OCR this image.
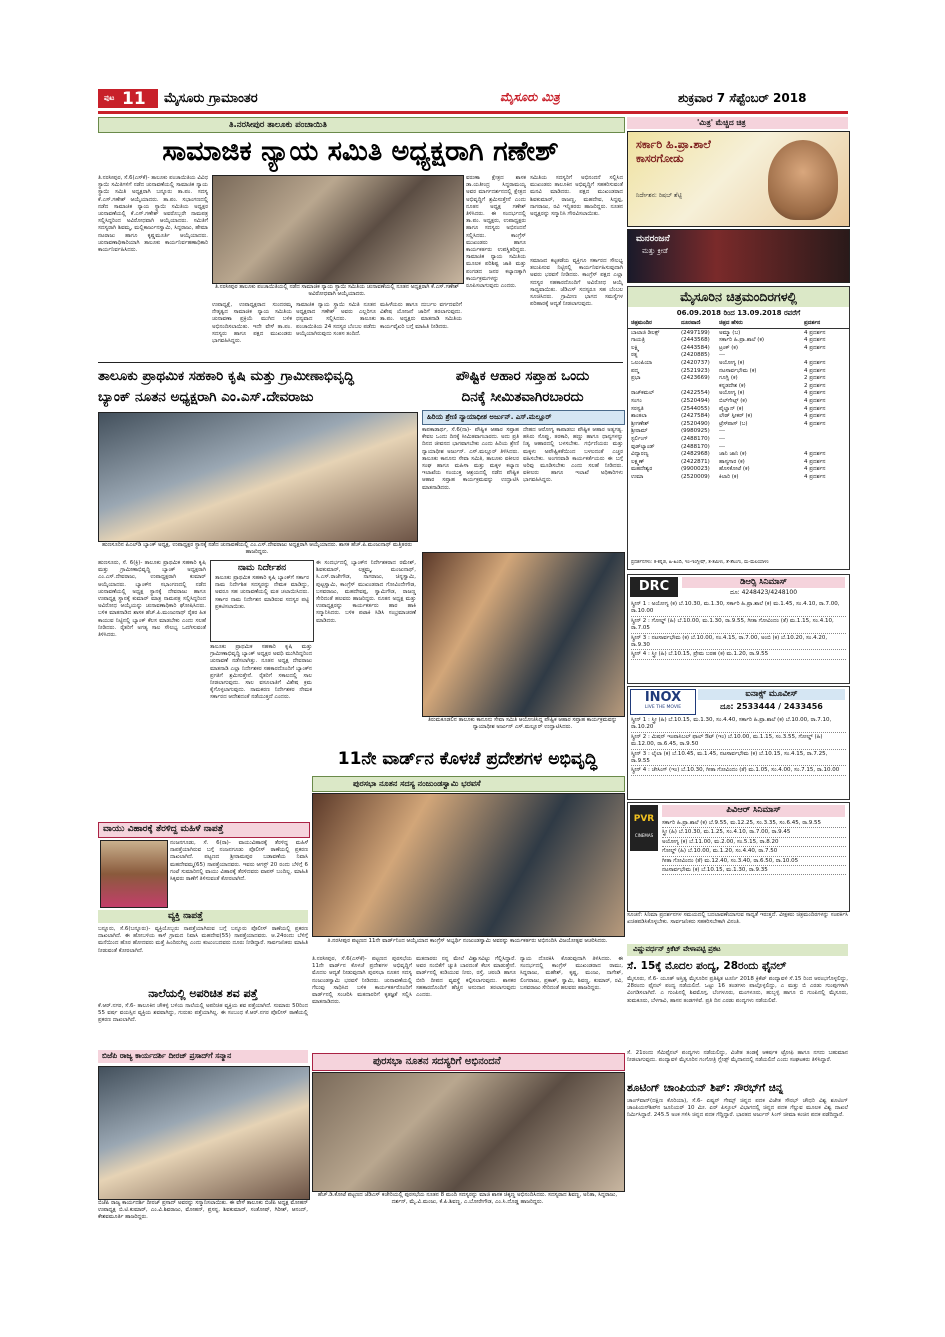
ಪುಟ 11 ಮೈಸೂರು ಗ್ರಾಮಾಂತರ	ಮೈಸೂರು ಮಿತ್ರ	ಶುಕ್ರವಾರ 7 ಸೆಪ್ಟೆಂಬರ್ 2018
ತಿ.ನರಸೀಪುರ ತಾಲೂಕು ಪಂಚಾಯಿತಿ
ಸಾಮಾಜಿಕ ನ್ಯಾಯ ಸಮಿತಿ ಅಧ್ಯಕ್ಷರಾಗಿ ಗಣೇಶ್
ತಿ.ನರಸೀಪುರ, ಸೆ.6(ಎಸ್‍ಕೆ)- ತಾಲೂಕು ಪಂಚಾಯಿತಿಯ ವಿವಿಧ ಸ್ಥಾಯಿ ಸಮಿತಿಗಳಿಗೆ ನಡೆದ ಚುನಾವಣೆಯಲ್ಲಿ ಸಾಮಾಜಿಕ ನ್ಯಾಯ ಸ್ಥಾಯಿ ಸಮಿತಿ ಅಧ್ಯಕ್ಷರಾಗಿ ಬನ್ನೂರು ತಾ.ಪಂ. ಸದಸ್ಯ ಕೆ.ಎಸ್.ಗಣೇಶ್ ಆಯ್ಕೆಯಾದರು. ತಾ.ಪಂ. ಸಭಾಂಗಣದಲ್ಲಿ ನಡೆದ ಸಾಮಾಜಿಕ ನ್ಯಾಯ ಸ್ಥಾಯಿ ಸಮಿತಿಯ ಅಧ್ಯಕ್ಷರ ಚುನಾವಣೆಯಲ್ಲಿ ಕೆ.ಎಸ್.ಗಣೇಶ್ ಅವರೊಬ್ಬರೇ ನಾಮಪತ್ರ ಸಲ್ಲಿಸಿದ್ದರಿಂದ ಅವಿರೋಧವಾಗಿ ಆಯ್ಕೆಯಾದರು. ಸಮಿತಿಗೆ ಸದಸ್ಯರಾಗಿ ಶಿವಮ್ಮ, ಮಲ್ಲಿಕಾರ್ಜುನಸ್ವಾಮಿ, ಸಿದ್ದರಾಜು, ಹೇಮಾ ನಟರಾಜು ಹಾಗೂ ಕೃಷ್ಣಮೂರ್ತಿ ಆಯ್ಕೆಯಾದರು. ಚುನಾವಣಾಧಿಕಾರಿಯಾಗಿ ತಾಲೂಕು ಕಾರ್ಯನಿರ್ವಹಣಾಧಿಕಾರಿ ಕಾರ್ಯನಿರ್ವಹಿಸಿದರು.
ತಿ.ನರಸೀಪುರ ತಾಲೂಕು ಪಂಚಾಯಿತಿಯಲ್ಲಿ ನಡೆದ ಸಾಮಾಜಿಕ ನ್ಯಾಯ ಸ್ಥಾಯಿ ಸಮಿತಿಯ ಚುನಾವಣೆಯಲ್ಲಿ ನೂತನ ಅಧ್ಯಕ್ಷರಾಗಿ ಕೆ.ಎಸ್.ಗಣೇಶ್ ಅವಿರೋಧವಾಗಿ ಆಯ್ಕೆಯಾದರು.
ವರುಣಾ ಕ್ಷೇತ್ರದ ಶಾಸಕ ಡಾ.ಯತೀಂದ್ರ ಸಿದ್ದರಾಮಯ್ಯ ಅವರ ಮಾರ್ಗದರ್ಶನದಲ್ಲಿ ಕ್ಷೇತ್ರದ ಅಭಿವೃದ್ಧಿಗೆ ಶ್ರಮಿಸುತ್ತೇನೆ ಎಂದು ನೂತನ ಅಧ್ಯಕ್ಷ ಗಣೇಶ್ ತಿಳಿಸಿದರು. ಈ ಸಂದರ್ಭದಲ್ಲಿ ತಾ.ಪಂ. ಅಧ್ಯಕ್ಷರು, ಉಪಾಧ್ಯಕ್ಷರು ಹಾಗೂ ಸದಸ್ಯರು ಅಭಿನಂದನೆ ಸಲ್ಲಿಸಿದರು. ಕಾಂಗ್ರೆಸ್ ಮುಖಂಡರು ಹಾಗೂ ಕಾರ್ಯಕರ್ತರು ಉಪಸ್ಥಿತರಿದ್ದರು. ಸಾಮಾಜಿಕ ನ್ಯಾಯ ಸಮಿತಿಯ ಮೂಲಕ ಪರಿಶಿಷ್ಟ ಜಾತಿ ಮತ್ತು ಪಂಗಡದ ಜನರ ಕಲ್ಯಾಣಕ್ಕಾಗಿ ಕಾರ್ಯಕ್ರಮಗಳನ್ನು ರೂಪಿಸಲಾಗುವುದು ಎಂದರು.
ಸಮಿತಿಯ ಸದಸ್ಯರಿಗೆ ಅಭಿನಂದನೆ ಸಲ್ಲಿಸಿದ ಮುಖಂಡರು ತಾಲೂಕಿನ ಅಭಿವೃದ್ಧಿಗೆ ಸಹಕರಿಸುವಂತೆ ಮನವಿ ಮಾಡಿದರು. ಪಕ್ಷದ ಮುಖಂಡರಾದ ಶಿವಕುಮಾರ್, ರಾಜಣ್ಣ, ಮಹದೇವ, ಸಿದ್ದಪ್ಪ, ನಾಗರಾಜು, ರವಿ ಇನ್ನಿತರರು ಹಾಜರಿದ್ದರು. ನೂತನ ಅಧ್ಯಕ್ಷರನ್ನು ಸನ್ಮಾನಿಸಿ ಗೌರವಿಸಲಾಯಿತು.
ಸಮಾಜದ ಕಟ್ಟಕಡೆಯ ವ್ಯಕ್ತಿಗೂ ಸರ್ಕಾರದ ಸೌಲಭ್ಯ ತಲುಪಿಸುವ ನಿಟ್ಟಿನಲ್ಲಿ ಕಾರ್ಯನಿರ್ವಹಿಸುವುದಾಗಿ ಅವರು ಭರವಸೆ ನೀಡಿದರು. ಕಾಂಗ್ರೆಸ್ ಪಕ್ಷದ ಎಲ್ಲಾ ಸದಸ್ಯರ ಸಹಕಾರದೊಂದಿಗೆ ಅವಿರೋಧ ಆಯ್ಕೆ ಸಾಧ್ಯವಾಯಿತು. ಜೆಡಿಎಸ್ ಸದಸ್ಯರೂ ಸಹ ಬೆಂಬಲ ಸೂಚಿಸಿದರು. ಗ್ರಾಮೀಣ ಭಾಗದ ಸಮಸ್ಯೆಗಳ ಪರಿಹಾರಕ್ಕೆ ಆದ್ಯತೆ ನೀಡಲಾಗುವುದು.
ಉಪಾಧ್ಯಕ್ಷೆ, ಉಪಾಧ್ಯಕ್ಷರಾದ ಸುಂದರಮ್ಮ ನೇತೃತ್ವದ ಸಾಮಾಜಿಕ ನ್ಯಾಯ ಸಮಿತಿಯ ಚುನಾವಣಾ ಪ್ರಕ್ರಿಯೆ ಮುಗಿದ ಬಳಿಕ ಅಭಿನಂದಿಸಲಾಯಿತು. ಇದೇ ವೇಳೆ ತಾ.ಪಂ. ಸದಸ್ಯರು ಹಾಗೂ ಪಕ್ಷದ ಮುಖಂಡರು ಭಾಗವಹಿಸಿದ್ದರು.
ಸಾಮಾಜಿಕ ನ್ಯಾಯ ಸ್ಥಾಯಿ ಸಮಿತಿ ನೂತನ ಅಧ್ಯಕ್ಷರಾದ ಗಣೇಶ್ ಅವರು ಎಲ್ಲರಿಗೂ ಧನ್ಯವಾದ ಸಲ್ಲಿಸಿದರು. ತಾಲೂಕು ಪಂಚಾಯಿತಿಯ 24 ಸದಸ್ಯರ ಬೆಂಬಲ ಪಡೆದು ಆಯ್ಕೆಯಾಗಿರುವುದು ಸಂತಸ ತಂದಿದೆ.
ಮಹಿಳೆಯರು ಹಾಗೂ ದುರ್ಬಲ ವರ್ಗದವರಿಗೆ ವಿಶೇಷ ಯೋಜನೆ ಜಾರಿಗೆ ತರಲಾಗುವುದು. ತಾ.ಪಂ. ಅಧ್ಯಕ್ಷರು ಮಾತನಾಡಿ ಸಮಿತಿಯ ಕಾರ್ಯವೈಖರಿ ಬಗ್ಗೆ ಮಾಹಿತಿ ನೀಡಿದರು.
ತಾಲೂಕು ಪ್ರಾಥಮಿಕ ಸಹಕಾರಿ ಕೃಷಿ ಮತ್ತು ಗ್ರಾಮೀಣಾಭಿವೃದ್ಧಿ
ಬ್ಯಾಂಕ್ ನೂತನ ಅಧ್ಯಕ್ಷರಾಗಿ ಎಂ.ಎಸ್.ದೇವರಾಜು
ಹುಣಸೂರಿನ ಪಿಎಲ್‍ಡಿ ಬ್ಯಾಂಕ್ ಅಧ್ಯಕ್ಷ, ಉಪಾಧ್ಯಕ್ಷರ ಸ್ಥಾನಕ್ಕೆ ನಡೆದ ಚುನಾವಣೆಯಲ್ಲಿ ಎಂ.ಎಸ್.ದೇವರಾಜು ಅಧ್ಯಕ್ಷರಾಗಿ ಆಯ್ಕೆಯಾದರು. ಶಾಸಕ ಹೆಚ್.ಪಿ.ಮಂಜುನಾಥ್ ಮತ್ತಿತರರು ಹಾಜರಿದ್ದರು.
ಹುಣಸೂರು, ಸೆ. 6(ಕ್ರಿ)- ತಾಲೂಕು ಪ್ರಾಥಮಿಕ ಸಹಕಾರಿ ಕೃಷಿ ಮತ್ತು ಗ್ರಾಮೀಣಾಭಿವೃದ್ಧಿ ಬ್ಯಾಂಕ್ ಅಧ್ಯಕ್ಷರಾಗಿ ಎಂ.ಎಸ್.ದೇವರಾಜು, ಉಪಾಧ್ಯಕ್ಷರಾಗಿ ಕುಮಾರ್ ಆಯ್ಕೆಯಾದರು. ಬ್ಯಾಂಕ್‍ನ ಸಭಾಂಗಣದಲ್ಲಿ ನಡೆದ ಚುನಾವಣೆಯಲ್ಲಿ ಅಧ್ಯಕ್ಷ ಸ್ಥಾನಕ್ಕೆ ದೇವರಾಜು ಹಾಗೂ ಉಪಾಧ್ಯಕ್ಷ ಸ್ಥಾನಕ್ಕೆ ಕುಮಾರ್ ಮಾತ್ರ ನಾಮಪತ್ರ ಸಲ್ಲಿಸಿದ್ದರಿಂದ ಅವಿರೋಧ ಆಯ್ಕೆಯನ್ನು ಚುನಾವಣಾಧಿಕಾರಿ ಘೋಷಿಸಿದರು. ಬಳಿಕ ಮಾತನಾಡಿದ ಶಾಸಕ ಹೆಚ್.ಪಿ.ಮಂಜುನಾಥ್ ರೈತರ ಹಿತ ಕಾಯುವ ನಿಟ್ಟಿನಲ್ಲಿ ಬ್ಯಾಂಕ್ ಕೆಲಸ ಮಾಡಬೇಕು ಎಂದು ಸಲಹೆ ನೀಡಿದರು. ರೈತರಿಗೆ ಅಗತ್ಯ ಸಾಲ ಸೌಲಭ್ಯ ಒದಗಿಸುವಂತೆ ತಿಳಿಸಿದರು.
ತಾಲೂಕು ಪ್ರಾಥಮಿಕ ಸಹಕಾರಿ ಕೃಷಿ ಮತ್ತು ಗ್ರಾಮೀಣಾಭಿವೃದ್ಧಿ ಬ್ಯಾಂಕ್ ಅಧ್ಯಕ್ಷರ ಅವಧಿ ಮುಗಿದಿದ್ದರಿಂದ ಚುನಾವಣೆ ನಡೆಸಲಾಗಿತ್ತು. ನೂತನ ಅಧ್ಯಕ್ಷ ದೇವರಾಜು ಮಾತನಾಡಿ ಎಲ್ಲಾ ನಿರ್ದೇಶಕರ ಸಹಕಾರದೊಂದಿಗೆ ಬ್ಯಾಂಕ್‍ನ ಪ್ರಗತಿಗೆ ಶ್ರಮಿಸುತ್ತೇನೆ. ರೈತರಿಗೆ ಸಕಾಲದಲ್ಲಿ ಸಾಲ ನೀಡಲಾಗುವುದು. ಸಾಲ ವಸೂಲಾತಿಗೆ ವಿಶೇಷ ಕ್ರಮ ಕೈಗೊಳ್ಳಲಾಗುವುದು. ನಾಮಕರಣ ನಿರ್ದೇಶಕರ ನೇಮಕ ಸರ್ಕಾರದ ಆದೇಶದಂತೆ ನಡೆಯುತ್ತದೆ ಎಂದರು.
ಈ ಸಂದರ್ಭದಲ್ಲಿ ಬ್ಯಾಂಕ್‍ನ ನಿರ್ದೇಶಕರಾದ ರಮೇಶ್, ಶಿವಕುಮಾರ್, ಲಕ್ಷ್ಮಮ್ಮ, ಮಂಜುನಾಥ್, ಸಿ.ಎಸ್.ರಾಜೇಗೌಡ, ನಾಗರಾಜು, ಚಿನ್ನಸ್ವಾಮಿ, ಪುಟ್ಟಸ್ವಾಮಿ, ಕಾಂಗ್ರೆಸ್ ಮುಖಂಡರಾದ ಗೋವಿಂದೇಗೌಡ, ಬಸವರಾಜು, ಮಹದೇವಪ್ಪ, ಸ್ವಾಮಿಗೌಡ, ರಾಜಣ್ಣ ಸೇರಿದಂತೆ ಹಲವರು ಹಾಜರಿದ್ದರು. ನೂತನ ಅಧ್ಯಕ್ಷ ಮತ್ತು ಉಪಾಧ್ಯಕ್ಷರನ್ನು ಕಾರ್ಯಕರ್ತರು ಹಾರ ಹಾಕಿ ಸನ್ಮಾನಿಸಿದರು. ಬಳಿಕ ಪಟಾಕಿ ಸಿಡಿಸಿ ಸಂಭ್ರಮಾಚರಣೆ ಮಾಡಿದರು.
ನಾಮ ನಿರ್ದೇಶನ
ತಾಲೂಕು ಪ್ರಾಥಮಿಕ ಸಹಕಾರಿ ಕೃಷಿ ಬ್ಯಾಂಕ್‍ಗೆ ಸರ್ಕಾರ ನಾಮ ನಿರ್ದೇಶಿತ ಸದಸ್ಯರನ್ನು ನೇಮಕ ಮಾಡಿದ್ದು, ಅವರೂ ಸಹ ಚುನಾವಣೆಯಲ್ಲಿ ಮತ ಚಲಾಯಿಸಿದರು. ಸರ್ಕಾರ ನಾಮ ನಿರ್ದೇಶನ ಮಾಡಿರುವ ಸದಸ್ಯರ ಪಟ್ಟಿ ಪ್ರಕಟಿಸಲಾಯಿತು.
ಪೌಷ್ಟಿಕ ಆಹಾರ ಸಪ್ತಾಹ ಒಂದು
ದಿನಕ್ಕೆ ಸೀಮಿತವಾಗಿರಬಾರದು
ಹಿರಿಯ ಶ್ರೇಣಿ ನ್ಯಾಯಾಧೀಶ ಅರ್ಜುನ್. ಎಸ್.ಮಲ್ಲೂರ್
ಕಾಪಕಾಡಾರ್ಥ, ಸೆ.6(ನಾ)- ಪೌಷ್ಟಿಕ ಆಹಾರ ಸಪ್ತಾಹ ಕೇವಲ ಒಂದು ದಿನಕ್ಕೆ ಸೀಮಿತವಾಗಬಾರದು. ಅದು ಪ್ರತಿ ದಿನದ ಜೀವನದ ಭಾಗವಾಗಬೇಕು ಎಂದು ಹಿರಿಯ ಶ್ರೇಣಿ ನ್ಯಾಯಾಧೀಶ ಅರ್ಜುನ್. ಎಸ್.ಮಲ್ಲೂರ್ ತಿಳಿಸಿದರು. ತಾಲೂಕು ಕಾನೂನು ಸೇವಾ ಸಮಿತಿ, ತಾಲೂಕು ವಕೀಲರ ಸಂಘ ಹಾಗೂ ಮಹಿಳಾ ಮತ್ತು ಮಕ್ಕಳ ಕಲ್ಯಾಣ ಇಲಾಖೆಯ ಸಂಯುಕ್ತ ಆಶ್ರಯದಲ್ಲಿ ನಡೆದ ಪೌಷ್ಟಿಕ ಆಹಾರ ಸಪ್ತಾಹ ಕಾರ್ಯಕ್ರಮವನ್ನು ಉದ್ಘಾಟಿಸಿ ಮಾತನಾಡಿದರು.
ದೇಹದ ಆರೋಗ್ಯ ಕಾಪಾಡಲು ಪೌಷ್ಟಿಕ ಆಹಾರ ಅತ್ಯಗತ್ಯ. ಹಸಿರು ಸೊಪ್ಪು, ತರಕಾರಿ, ಹಣ್ಣು ಹಾಗೂ ಧಾನ್ಯಗಳನ್ನು ನಿತ್ಯ ಆಹಾರದಲ್ಲಿ ಬಳಸಬೇಕು. ಗರ್ಭಿಣಿಯರು ಮತ್ತು ಮಕ್ಕಳು ಅಪೌಷ್ಟಿಕತೆಯಿಂದ ಬಳಲದಂತೆ ಎಚ್ಚರ ವಹಿಸಬೇಕು. ಅಂಗನವಾಡಿ ಕಾರ್ಯಕರ್ತೆಯರು ಈ ಬಗ್ಗೆ ಅರಿವು ಮೂಡಿಸಬೇಕು ಎಂದು ಸಲಹೆ ನೀಡಿದರು. ವಕೀಲರು ಹಾಗೂ ಇಲಾಖೆ ಅಧಿಕಾರಿಗಳು ಭಾಗವಹಿಸಿದ್ದರು.
ತಿರುಮಕೂಡಲಿನ ತಾಲೂಕು ಕಾನೂನು ಸೇವಾ ಸಮಿತಿ ಆಯೋಜಿಸಿದ್ದ ಪೌಷ್ಟಿಕ ಆಹಾರ ಸಪ್ತಾಹ ಕಾರ್ಯಕ್ರಮವನ್ನು ನ್ಯಾಯಾಧೀಶ ಅರ್ಜುನ್ ಎಸ್.ಮಲ್ಲೂರ್ ಉದ್ಘಾಟಿಸಿದರು.
ವಾಯು ವಿಹಾರಕ್ಕೆ ತೆರಳಿದ್ದ ಮಹಿಳೆ ನಾಪತ್ತೆ
ನಂಜನಗೂಡು, ಸೆ. 6(ರಾ)- ವಾಯುವಿಹಾರಕ್ಕೆ ತೆರಳಿದ್ದ ಮಹಿಳೆ ನಾಪತ್ತೆಯಾಗಿರುವ ಬಗ್ಗೆ ನಂಜನಗೂಡು ಪೊಲೀಸ್ ಠಾಣೆಯಲ್ಲಿ ಪ್ರಕರಣ ದಾಖಲಾಗಿದೆ. ಪಟ್ಟಣದ ಶ್ರೀರಾಮಪುರ ಬಡಾವಣೆಯ ನಿವಾಸಿ ಮಹದೇವಮ್ಮ(65) ನಾಪತ್ತೆಯಾದವರು. ಇವರು ಆಗಸ್ಟ್ 20 ರಂದು ಬೆಳಿಗ್ಗೆ 6 ಗಂಟೆ ಸುಮಾರಿನಲ್ಲಿ ವಾಯು ವಿಹಾರಕ್ಕೆ ತೆರಳಿದವರು ವಾಪಸ್ ಬಂದಿಲ್ಲ. ಮಾಹಿತಿ ಸಿಕ್ಕವರು ಠಾಣೆಗೆ ತಿಳಿಸುವಂತೆ ಕೋರಲಾಗಿದೆ.
ವ್ಯಕ್ತಿ ನಾಪತ್ತೆ
ಬನ್ನೂರು, ಸೆ.6(ಬನ್ನೂರು)- ವ್ಯಕ್ತಿಯೊಬ್ಬರು ನಾಪತ್ತೆಯಾಗಿರುವ ಬಗ್ಗೆ ಬನ್ನೂರು ಪೊಲೀಸ್ ಠಾಣೆಯಲ್ಲಿ ಪ್ರಕರಣ ದಾಖಲಾಗಿದೆ. ಈ ಹೋಬಳಿಯ ಕಾಳೆ ಗ್ರಾಮದ ನಿವಾಸಿ ಮಹದೇವ(55) ನಾಪತ್ತೆಯಾದವರು. ಆ.24ರಂದು ಬೆಳಿಗ್ಗೆ ಮನೆಯಿಂದ ಹೊರ ಹೋದವರು ಮತ್ತೆ ಹಿಂದಿರುಗಿಲ್ಲ ಎಂದು ಕುಟುಂಬದವರು ದೂರು ನೀಡಿದ್ದಾರೆ. ಸಾರ್ವಜನಿಕರು ಮಾಹಿತಿ ನೀಡುವಂತೆ ಕೋರಲಾಗಿದೆ.
ನಾಲೆಯಲ್ಲಿ ಅಪರಿಚಿತ ಶವ ಪತ್ತೆ
ಕೆ.ಆರ್.ನಗರ, ಸೆ.6- ತಾಲೂಕಿನ ಚೌಕಳ್ಳಿ ಬಳಿಯ ನಾಲೆಯಲ್ಲಿ ಅಪರಿಚಿತ ವ್ಯಕ್ತಿಯ ಶವ ಪತ್ತೆಯಾಗಿದೆ. ಸುಮಾರು 50ರಿಂದ 55 ವರ್ಷ ವಯಸ್ಸಿನ ವ್ಯಕ್ತಿಯ ಶವವಾಗಿದ್ದು, ಗುರುತು ಪತ್ತೆಯಾಗಿಲ್ಲ. ಈ ಸಂಬಂಧ ಕೆ.ಆರ್.ನಗರ ಪೊಲೀಸ್ ಠಾಣೆಯಲ್ಲಿ ಪ್ರಕರಣ ದಾಖಲಾಗಿದೆ.
ಬಿಜೆಪಿ ರಾಜ್ಯ ಕಾರ್ಯದರ್ಶಿ ದೀರಜ್ ಪ್ರಸಾದ್‍ಗೆ ಸನ್ಮಾನ
ಬಿಜೆಪಿ ರಾಜ್ಯ ಕಾರ್ಯದರ್ಶಿ ದೀರಜ್ ಪ್ರಸಾದ್ ಅವರನ್ನು ಸನ್ಮಾನಿಸಲಾಯಿತು. ಈ ವೇಳೆ ತಾಲೂಕು ಬಿಜೆಪಿ ಅಧ್ಯಕ್ಷ ಮೋಹನ್ ಉಪಾಧ್ಯಕ್ಷ ಬಿ.ಟಿ.ಕುಮಾರ್, ಎಂ.ವಿ.ಶಿವರಾಜು, ಮೋಹನ್, ಪ್ರಸನ್ನ, ಶಿವಕುಮಾರ್, ಸಂತೋಷ್, ಗಿರೀಶ್, ಆನಂದ್, ಕೇಶವಮೂರ್ತಿ ಹಾಜರಿದ್ದರು.
11ನೇ ವಾರ್ಡ್‍ನ ಕೊಳಚೆ ಪ್ರದೇಶಗಳ ಅಭಿವೃದ್ಧಿ
ಪುರಸಭಾ ನೂತನ ಸದಸ್ಯ ನಂಜುಂಡಸ್ವಾಮಿ ಭರವಸೆ
ತಿ.ನರಸೀಪುರ ಪಟ್ಟಣದ 11ನೇ ವಾರ್ಡ್‍ನಿಂದ ಆಯ್ಕೆಯಾದ ಕಾಂಗ್ರೆಸ್ ಅಭ್ಯರ್ಥಿ ನಂಜುಂಡಸ್ವಾಮಿ ಅವರನ್ನು ಕಾರ್ಯಕರ್ತರು ಅಭಿನಂದಿಸಿ ವಿಜಯೋತ್ಸವ ಆಚರಿಸಿದರು.
ತಿ.ನರಸೀಪುರ, ಸೆ.6(ಎಸ್‍ಕೆ)- ಪಟ್ಟಣದ ಪುರಸಭೆಯ 11ನೇ ವಾರ್ಡ್‍ನ ಕೊಳಚೆ ಪ್ರದೇಶಗಳ ಅಭಿವೃದ್ಧಿಗೆ ಮೊದಲ ಆದ್ಯತೆ ನೀಡುವುದಾಗಿ ಪುರಸಭಾ ನೂತನ ಸದಸ್ಯ ನಂಜುಂಡಸ್ವಾಮಿ ಭರವಸೆ ನೀಡಿದರು. ಚುನಾವಣೆಯಲ್ಲಿ ಗೆಲುವು ಸಾಧಿಸಿದ ಬಳಿಕ ಕಾರ್ಯಕರ್ತರೊಂದಿಗೆ ವಾರ್ಡ್‍ನಲ್ಲಿ ಸಂಚರಿಸಿ ಮತದಾರರಿಗೆ ಕೃತಜ್ಞತೆ ಸಲ್ಲಿಸಿ ಮಾತನಾಡಿದರು.
ಮತದಾರರು ನನ್ನ ಮೇಲೆ ವಿಶ್ವಾಸವಿಟ್ಟು ಗೆಲ್ಲಿಸಿದ್ದಾರೆ. ಅವರ ನಂಬಿಕೆಗೆ ಚ್ಯುತಿ ಬಾರದಂತೆ ಕೆಲಸ ಮಾಡುತ್ತೇನೆ. ವಾರ್ಡ್‍ನಲ್ಲಿ ಕುಡಿಯುವ ನೀರು, ರಸ್ತೆ, ಚರಂಡಿ ಹಾಗೂ ಬೀದಿ ದೀಪದ ವ್ಯವಸ್ಥೆ ಕಲ್ಪಿಸಲಾಗುವುದು. ಶಾಸಕರ ಸಹಕಾರದೊಂದಿಗೆ ಹೆಚ್ಚಿನ ಅನುದಾನ ತರಲಾಗುವುದು ಎಂದರು.
ನ್ಯಾಯ ದೊರಕಿಸಿ ಕೊಡುವುದಾಗಿ ತಿಳಿಸಿದರು. ಈ ಸಂದರ್ಭದಲ್ಲಿ ಕಾಂಗ್ರೆಸ್ ಮುಖಂಡರಾದ ರಾಮು, ಸಿದ್ದರಾಜು, ಮಹೇಶ್, ಕೃಷ್ಣ, ಮಂಜು, ನಾಗೇಶ್, ಲಿಂಗರಾಜು, ಪ್ರಕಾಶ್, ಸ್ವಾಮಿ, ಶಿವಣ್ಣ, ಕುಮಾರ್, ರವಿ, ಬಸವರಾಜು ಸೇರಿದಂತೆ ಹಲವರು ಹಾಜರಿದ್ದರು.
ಪುರಸಭಾ ನೂತನ ಸದಸ್ಯರಿಗೆ ಅಭಿನಂದನೆ
ಹೆಚ್.ಡಿ.ಕೋಟೆ ಪಟ್ಟಣದ ಜೆಡಿಎಸ್ ಕಚೇರಿಯಲ್ಲಿ ಪುರಸಭೆಯ ನೂತನ 8 ಮಂದಿ ಸದಸ್ಯರನ್ನು ಮಾಜಿ ಶಾಸಕ ಚಿಕ್ಕಣ್ಣ ಅಭಿನಂದಿಸಿದರು. ಸದಸ್ಯರಾದ ಶಿವಣ್ಣ, ಅನಿತಾ, ಸಿದ್ದರಾಜು, ದರ್ಶನ್, ಮೈ.ವಿ.ಮಂಜು, ಕೆ.ಪಿ.ಶಿವಣ್ಣ, ಎ.ಬೋರೇಗೌಡ, ಎಂ.ಸಿ.ದೊಡ್ಡ ಹಾಜರಿದ್ದರು.
'ಮಿತ್ರ' ಮೆಚ್ಚಿದ ಚಿತ್ರ
ಸರ್ಕಾರಿ ಹಿ.ಪ್ರಾ.ಶಾಲೆ ಕಾಸರಗೋಡು
ನಿರ್ದೇಶನ: ರಿಷಬ್ ಶೆಟ್ಟಿ
ಮನರಂಜನೆ
ಮತ್ತು ಕ್ರೀಡೆ
ಮೈಸೂರಿನ ಚಿತ್ರಮಂದಿರಗಳಲ್ಲಿ
06.09.2018 ರಿಂದ 13.09.2018 ರವರೆಗೆ
ಚಿತ್ರಮಂದಿರ	ದೂರವಾಣಿ	ಚಿತ್ರದ ಹೆಸರು	ಪ್ರದರ್ಶನ
ಬಾಲಾಜಿ ಡಿಲಕ್ಸ್	(2497199)	ಅಮ್ಮಾ (ಬ)	4 ಪ್ರದರ್ಶನ
ಗಾಯತ್ರಿ	(2443568)	ಸರ್ಕಾರಿ ಹಿ.ಪ್ರಾ.ಶಾಲೆ (ಕ)	4 ಪ್ರದರ್ಶನ
ಲಕ್ಷ್ಮಿ	(2443584)	ಟ್ರಂಕ್ (ಕ)	4 ಪ್ರದರ್ಶನ
ರತ್ನ	(2420885)	---
ಒಲಂಪಿಯಾ	(2420737)	ಅಯೋಗ್ಯ (ಕ)	4 ಪ್ರದರ್ಶನ
ಪದ್ಮ	(2521923)	ನಟಸಾರ್ವಭೌಮ (ಕ)	4 ಪ್ರದರ್ಶನ
ಪ್ರಭಾ	(2423669)	ಗೂಗ್ಲಿ (ಕ)	2 ಪ್ರದರ್ಶನ
ಕನ್ನಡದೇಶ (ಕ)	2 ಪ್ರದರ್ಶನ
ರಾಜ್‍ಕಮಲ್	(2422554)	ಅಯೋಗ್ಯ (ಕ)	4 ಪ್ರದರ್ಶನ
ಸಂಗಂ	(2520494)	ಬಿಲ್‍ಗೇಟ್ಸ್ (ಕ)	4 ಪ್ರದರ್ಶನ
ಸರಸ್ವತಿ	(2544055)	ಪೈಲ್ವಾನ್ (ಕ)	4 ಪ್ರದರ್ಶನ
ಶಾಂತಲಾ	(2427584)	ಲೌಡ್ ಸ್ಪೀಕರ್ (ಕ)	4 ಪ್ರದರ್ಶನ
ಶ್ರೀಗಣೇಶ್	(2520490)	ಟ್ರೆಸ್‍ಪಾಸ್ (ಬ)	4 ಪ್ರದರ್ಶನ
ಶ್ರೀರಾಮ್	(9980925)	---
ಸ್ಟರ್ಲಿಂಗ್	(2488170)	---
ವುಡ್‍ಲ್ಯಾಂಡ್	(2488170)	---
ವಿದ್ಯಾರಣ್ಯ	(2482968)	ಜಾನಿ ಜಾನಿ (ಕ)	4 ಪ್ರದರ್ಶನ
ಲಕ್ಷ್ಮಣ್	(2422871)	ಹಾಸ್ಯಗಾರ (ಕ)	4 ಪ್ರದರ್ಶನ
ಮಹದೇಶ್ವರ	(9900023)	ಹೊಸಕೋಟೆ (ಕ)	4 ಪ್ರದರ್ಶನ
ಉಮಾ	(2520009)	ಕಿಲಾರಿ (ಕ)	4 ಪ್ರದರ್ಶನ
ಪ್ರದರ್ಶನಗಳು: ಕ-ಕನ್ನಡ, ಹಿ-ಹಿಂದಿ, ಇಂ-ಇಂಗ್ಲೀಷ್, ತ-ತಮಿಳು, ತೆ-ತೆಲುಗು, ಮ-ಮಲಯಾಳಂ
DRC	ಡಿಆರ್‍ಸಿ ಸಿನಿಮಾಸ್
ದೂ: 4248423/4248100
ಸ್ಕ್ರೀನ್ 1 : ಅಯೋಗ್ಯ (ಕ) ಬೆ.10.30, ಮ.1.30, ಸರ್ಕಾರಿ ಹಿ.ಪ್ರಾ.ಶಾಲೆ (ಕ) ಮ.1.45, ಸಂ.4.10, ರಾ.7.00, ರಾ.10.00
ಸ್ಕ್ರೀನ್ 2 : ಗೋಲ್ಡ್ (ಹಿ) ಬೆ.10.00, ಮ.1.30, ರಾ.9.55, ಗೀತಾ ಗೋವಿಂದಂ (ತೆ) ಮ.1.15, ಸಂ.4.10, ರಾ.7.05
ಸ್ಕ್ರೀನ್ 3 : ನಟಸಾರ್ವಭೌಮ (ಕ) ಬೆ.10.00, ಸಂ.4.15, ರಾ.7.00, ಅಂಬಿ (ಕ) ಬೆ.10.20, ಸಂ.4.20, ರಾ.9.30
ಸ್ಕ್ರೀನ್ 4 : ಸ್ತ್ರೀ (ಹಿ) ಬೆ.10.15, ಪ್ರೇಮ ಬರಹ (ಕ) ಮ.1.20, ರಾ.9.55
INOX
LIVE THE MOVIE
ಐನಾಕ್ಸ್ ಮೂವೀಸ್
ದೂ: 2533444 / 2433456
ಸ್ಕ್ರೀನ್ 1 : ಸ್ತ್ರೀ (ಹಿ) ಬೆ.10.15, ಮ.1.30, ಸಂ.4.40, ಸರ್ಕಾರಿ ಹಿ.ಪ್ರಾ.ಶಾಲೆ (ಕ) ಬೆ.10.00, ರಾ.7.10, ರಾ.10.20
ಸ್ಕ್ರೀನ್ 2 : ಮಿಷನ್ ಇಂಪಾಸಿಬಲ್ ಫಾಲ್ ಔಟ್ (ಇಂ) ಬೆ.10.00, ಮ.1.15, ಸಂ.3.55, ಗೋಲ್ಡ್ (ಹಿ) ಮ.12.00, ರಾ.6.45, ರಾ.9.50
ಸ್ಕ್ರೀನ್ 3 : ಲೈಲಾ (ಕ) ಬೆ.10.45, ಮ.1.45, ನಟಸಾರ್ವಭೌಮ (ಕ) ಬೆ.10.15, ಸಂ.4.15, ರಾ.7.25, ರಾ.9.55
ಸ್ಕ್ರೀನ್ 4 : ಚೇಸಿಂಗ್ (ಇಂ) ಬೆ.10.30, ಗೀತಾ ಗೋವಿಂದಂ (ತೆ) ಮ.1.05, ಸಂ.4.00, ಸಂ.7.15, ರಾ.10.00
PVR
CINEMAS
ಪಿವಿಆರ್ ಸಿನಿಮಾಸ್
ಸರ್ಕಾರಿ ಹಿ.ಪ್ರಾ.ಶಾಲೆ (ಕ) ಬೆ.9.55, ಮ.12.25, ಸಂ.3.35, ಸಂ.6.45, ರಾ.9.55
ಸ್ತ್ರೀ (ಹಿ) ಬೆ.10.30, ಮ.1.25, ಸಂ.4.10, ರಾ.7.00, ರಾ.9.45
ಅಯೋಗ್ಯ (ಕ) ಬೆ.11.00, ಮ.2.00, ಸಂ.5.15, ರಾ.8.20
ಗೋಲ್ಡ್ (ಹಿ) ಬೆ.10.00, ಮ.1.20, ಸಂ.4.40, ರಾ.7.50
ಗೀತಾ ಗೋವಿಂದಂ (ತೆ) ಮ.12.40, ಸಂ.3.40, ರಾ.6.50, ರಾ.10.05
ನಟಸಾರ್ವಭೌಮ (ಕ) ಬೆ.10.15, ಮ.1.30, ರಾ.9.35
ಸೂಚನೆ: ಸಿನಿಮಾ ಪ್ರದರ್ಶನಗಳ ಸಮಯದಲ್ಲಿ ಬದಲಾವಣೆಯಾಗುವ ಸಾಧ್ಯತೆ ಇರುತ್ತದೆ. ವೀಕ್ಷಕರು ಚಿತ್ರಮಂದಿರಗಳನ್ನು ಸಂಪರ್ಕಿಸಿ ಖಚಿತಪಡಿಸಿಕೊಳ್ಳಬೇಕು. ಸಾರ್ವಜನಿಕರು ಸಹಕರಿಸಬೇಕಾಗಿ ವಿನಂತಿ.
ವಿಷ್ಣುವರ್ಧನ್ ಕ್ರಿಕೆಟ್ ವೇಳಾಪಟ್ಟಿ ಪ್ರಕಟ
ಸೆ. 15ಕ್ಕೆ ಮೊದಲ ಪಂದ್ಯ, 28ರಂದು ಫೈನಲ್
ಮೈಸೂರು, ಸೆ.6- ಯೂತ್ ಅಸ್ತಿತ್ವ ಮೈಸೂರಿನ ಪ್ರತಿಷ್ಠಿತ ಟೂರ್ನಿ 2018 ಕ್ರಿಕೆಟ್ ಪಂದ್ಯಾವಳಿ ಸೆ.15 ರಿಂದ ಆರಂಭಗೊಳ್ಳಲಿದ್ದು, 28ರಂದು ಫೈನಲ್ ಪಂದ್ಯ ನಡೆಯಲಿದೆ. ಒಟ್ಟು 16 ತಂಡಗಳು ಪಾಲ್ಗೊಳ್ಳಲಿದ್ದು, ಎ ಮತ್ತು ಬಿ ಎರಡು ಗುಂಪುಗಳಾಗಿ ವಿಂಗಡಿಸಲಾಗಿದೆ. ಎ ಗುಂಪಿನಲ್ಲಿ ಶಿವಮೊಗ್ಗ, ಬೆಂಗಳೂರು, ಮಂಗಳೂರು, ಹುಬ್ಬಳ್ಳಿ ಹಾಗೂ ಬಿ ಗುಂಪಿನಲ್ಲಿ ಮೈಸೂರು, ತುಮಕೂರು, ಬೆಳಗಾವಿ, ಹಾಸನ ತಂಡಗಳಿವೆ. ಪ್ರತಿ ದಿನ ಎರಡು ಪಂದ್ಯಗಳು ನಡೆಯಲಿವೆ.
ಸೆ. 21ರಂದು ಸೆಮಿಫೈನಲ್ ಪಂದ್ಯಗಳು ನಡೆಯಲಿದ್ದು, ವಿಜೇತ ತಂಡಕ್ಕೆ ಆಕರ್ಷಕ ಟ್ರೋಫಿ ಹಾಗೂ ನಗದು ಬಹುಮಾನ ನೀಡಲಾಗುವುದು. ಪಂದ್ಯಾವಳಿ ಮೈಸೂರಿನ ಗಂಗೋತ್ರಿ ಗ್ಲೇಡ್ಸ್ ಮೈದಾನದಲ್ಲಿ ನಡೆಯಲಿದೆ ಎಂದು ಸಂಘಟಕರು ತಿಳಿಸಿದ್ದಾರೆ.
ಶೂಟಿಂಗ್ ಚಾಂಪಿಯನ್ ಶಿಪ್: ಸೌರಭ್‍ಗೆ ಚಿನ್ನ
ಚಾಂಗ್‍ವಾನ್(ದಕ್ಷಿಣ ಕೊರಿಯಾ), ಸೆ.6- ಏಷ್ಯನ್ ಗೇಮ್ಸ್ ಚಿನ್ನದ ಪದಕ ವಿಜೇತ ಸೌರಭ್ ಚೌಧರಿ ವಿಶ್ವ ಶೂಟಿಂಗ್ ಚಾಂಪಿಯನ್‍ಶಿಪ್‍ನ ಜೂನಿಯರ್ 10 ಮೀ. ಏರ್ ಪಿಸ್ತೂಲ್ ವಿಭಾಗದಲ್ಲಿ ಚಿನ್ನದ ಪದಕ ಗೆಲ್ಲುವ ಮೂಲಕ ವಿಶ್ವ ದಾಖಲೆ ನಿರ್ಮಿಸಿದ್ದಾರೆ. 245.5 ಅಂಕ ಗಳಿಸಿ ಚಿನ್ನದ ಪದಕ ಗೆದ್ದಿದ್ದಾರೆ. ಭಾರತದ ಅರ್ಜುನ್ ಸಿಂಗ್ ಚೀಮಾ ಕಂಚಿನ ಪದಕ ಪಡೆದಿದ್ದಾರೆ.
